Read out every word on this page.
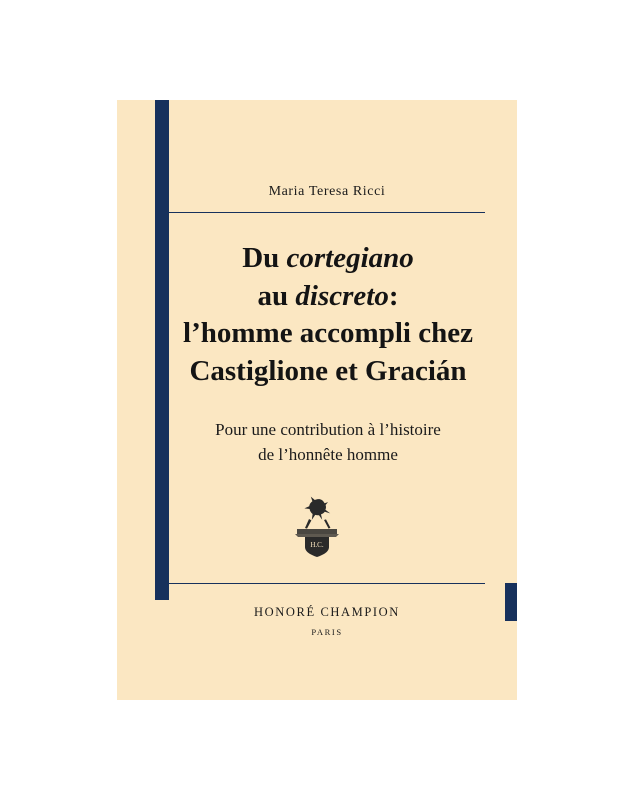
Maria Teresa Ricci
Du cortegiano
au discreto:
l’homme accompli chez
Castiglione et Gracián
Pour une contribution à l’histoire
de l’honnête homme
H.C.
HONORÉ CHAMPION
PARIS
